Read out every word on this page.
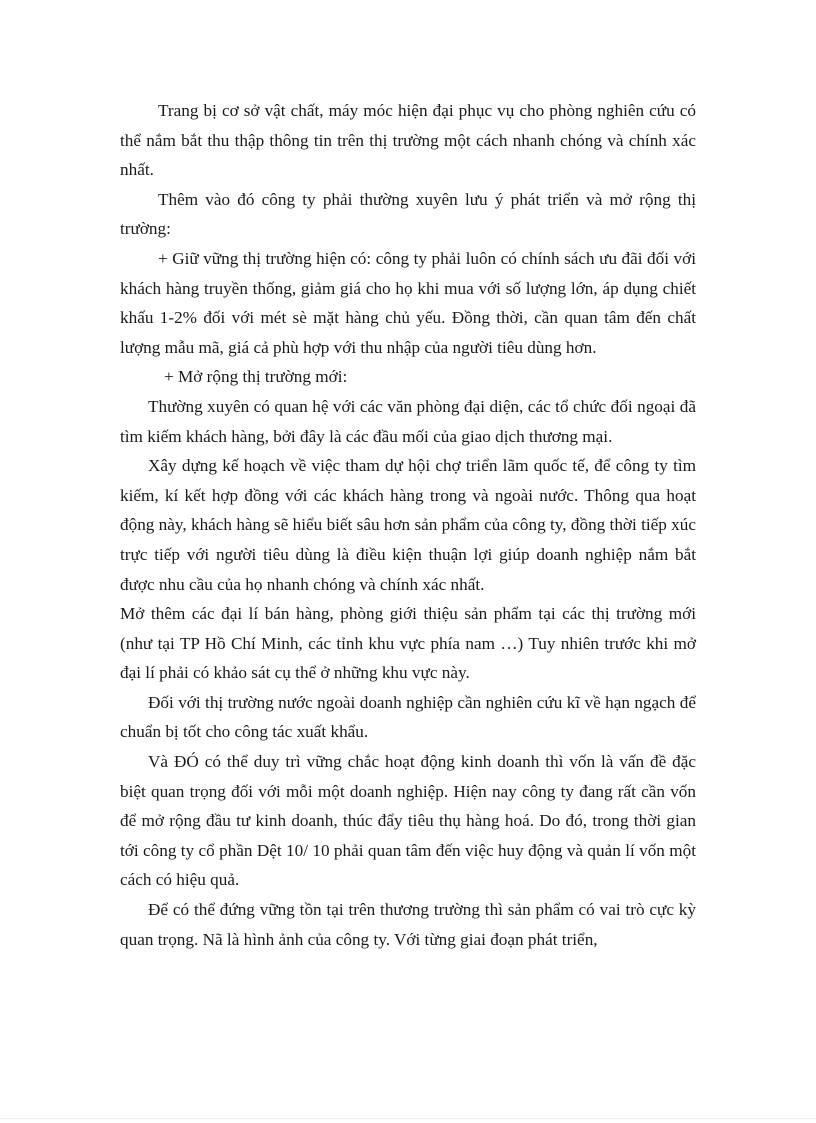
Trang bị cơ sở vật chất, máy móc hiện đại phục vụ cho phòng nghiên cứu có thể nắm bắt thu thập thông tin trên thị trường một cách nhanh chóng và chính xác nhất.

Thêm vào đó công ty phải thường xuyên lưu ý phát triển và mở rộng thị trường:

+ Giữ vững thị trường hiện có: công ty phải luôn có chính sách ưu đãi đối với khách hàng truyền thống, giảm giá cho họ khi mua với số lượng lớn, áp dụng chiết khấu 1-2% đối với mét sè mặt hàng chủ yếu. Đồng thời, cần quan tâm đến chất lượng mẫu mã, giá cả phù hợp với thu nhập của người tiêu dùng hơn.

+ Mở rộng thị trường mới:

Thường xuyên có quan hệ với các văn phòng đại diện, các tổ chức đối ngoại đã tìm kiếm khách hàng, bởi đây là các đầu mối của giao dịch thương mại.

Xây dựng kế hoạch về việc tham dự hội chợ triển lãm quốc tế, để công ty tìm kiếm, kí kết hợp đồng với các khách hàng trong và ngoài nước. Thông qua hoạt động này, khách hàng sẽ hiểu biết sâu hơn sản phẩm của công ty, đồng thời tiếp xúc trực tiếp với người tiêu dùng là điều kiện thuận lợi giúp doanh nghiệp nắm bắt được nhu cầu của họ nhanh chóng và chính xác nhất.

Mở thêm các đại lí bán hàng, phòng giới thiệu sản phẩm tại các thị trường mới (như tại TP Hồ Chí Minh, các tỉnh khu vực phía nam …) Tuy nhiên trước khi mở đại lí phải có khảo sát cụ thể ở những khu vực này.

Đối với thị trường nước ngoài doanh nghiệp cần nghiên cứu kĩ về hạn ngạch để chuẩn bị tốt cho công tác xuất khẩu.

Và ĐÓ có thể duy trì vững chắc hoạt động kinh doanh thì vốn là vấn đề đặc biệt quan trọng đối với mỗi một doanh nghiệp. Hiện nay công ty đang rất cần vốn để mở rộng đầu tư kinh doanh, thúc đẩy tiêu thụ hàng hoá. Do đó, trong thời gian tới công ty cổ phần Dệt 10/ 10 phải quan tâm đến việc huy động và quản lí vốn một cách có hiệu quả.

Để có thể đứng vững tồn tại trên thương trường thì sản phẩm có vai trò cực kỳ quan trọng. Nã là hình ảnh của công ty. Với từng giai đoạn phát triển,
